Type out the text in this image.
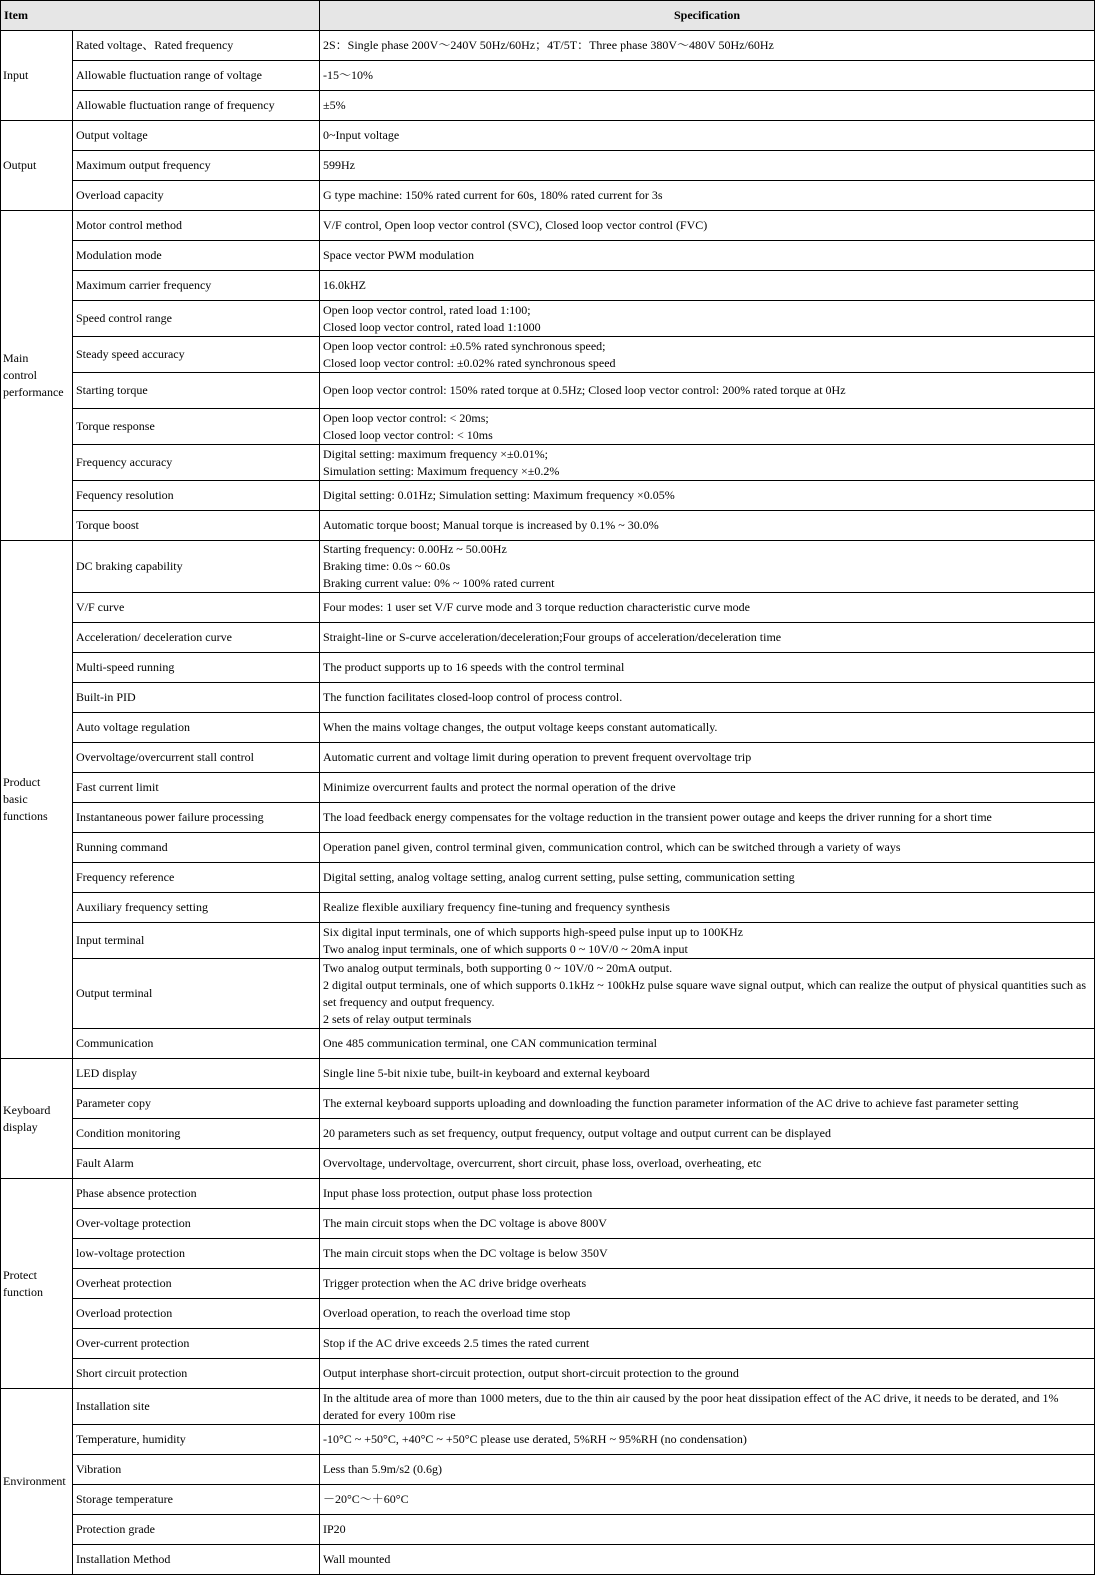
Item		Specification

Input	Rated voltage、Rated frequency	2S：Single phase 200V～240V 50Hz/60Hz；4T/5T：Three phase 380V～480V 50Hz/60Hz

	Allowable fluctuation range of voltage	-15～10%

	Allowable fluctuation range of frequency	±5%

Output	Output voltage	0~Input voltage

	Maximum output frequency	599Hz

	Overload capacity	G type machine: 150% rated current for 60s, 180% rated current for 3s

Main
control
performance	Motor control method	V/F control, Open loop vector control (SVC), Closed loop vector control (FVC)

	Modulation mode	Space vector PWM modulation

	Maximum carrier frequency	16.0kHZ

	Speed control range	Open loop vector control, rated load 1:100;
Closed loop vector control, rated load 1:1000

	Steady speed accuracy	Open loop vector control: ±0.5% rated synchronous speed;
Closed loop vector control: ±0.02% rated synchronous speed

	Starting torque	Open loop vector control: 150% rated torque at 0.5Hz; Closed loop vector control: 200% rated torque at 0Hz

	Torque response	Open loop vector control: < 20ms;
Closed loop vector control: < 10ms

	Frequency accuracy	Digital setting: maximum frequency ×±0.01%;
Simulation setting: Maximum frequency ×±0.2%

	Fequency resolution	Digital setting: 0.01Hz; Simulation setting: Maximum frequency ×0.05%

	Torque boost	Automatic torque boost; Manual torque is increased by 0.1% ~ 30.0%

Product
basic
functions	DC braking capability	Starting frequency: 0.00Hz ~ 50.00Hz
Braking time: 0.0s ~ 60.0s
Braking current value: 0% ~ 100% rated current

	V/F curve	Four modes: 1 user set V/F curve mode and 3 torque reduction characteristic curve mode

	Acceleration/ deceleration curve	Straight-line or S-curve acceleration/deceleration;Four groups of acceleration/deceleration time

	Multi-speed running	The product supports up to 16 speeds with the control terminal

	Built-in PID	The function facilitates closed-loop control of process control.

	Auto voltage regulation	When the mains voltage changes, the output voltage keeps constant automatically.

	Overvoltage/overcurrent stall control	Automatic current and voltage limit during operation to prevent frequent overvoltage trip

	Fast current limit	Minimize overcurrent faults and protect the normal operation of the drive

	Instantaneous power failure processing	The load feedback energy compensates for the voltage reduction in the transient power outage and keeps the driver running for a short time

	Running command	Operation panel given, control terminal given, communication control, which can be switched through a variety of ways

	Frequency reference	Digital setting, analog voltage setting, analog current setting, pulse setting, communication setting

	Auxiliary frequency setting	Realize flexible auxiliary frequency fine-tuning and frequency synthesis

	Input terminal	Six digital input terminals, one of which supports high-speed pulse input up to 100KHz
Two analog input terminals, one of which supports 0 ~ 10V/0 ~ 20mA input

	Output terminal	Two analog output terminals, both supporting 0 ~ 10V/0 ~ 20mA output.
2 digital output terminals, one of which supports 0.1kHz ~ 100kHz pulse square wave signal output, which can realize the output of physical quantities such as set frequency and output frequency.
2 sets of relay output terminals

	Communication	One 485 communication terminal, one CAN communication terminal

Keyboard
display	LED display	Single line 5-bit nixie tube, built-in keyboard and external keyboard

	Parameter copy	The external keyboard supports uploading and downloading the function parameter information of the AC drive to achieve fast parameter setting

	Condition monitoring	20 parameters such as set frequency, output frequency, output voltage and output current can be displayed

	Fault Alarm	Overvoltage, undervoltage, overcurrent, short circuit, phase loss, overload, overheating, etc

Protect
function	Phase absence protection	Input phase loss protection, output phase loss protection

	Over-voltage protection	The main circuit stops when the DC voltage is above 800V

	low-voltage protection	The main circuit stops when the DC voltage is below 350V

	Overheat protection	Trigger protection when the AC drive bridge overheats

	Overload protection	Overload operation, to reach the overload time stop

	Over-current protection	Stop if the AC drive exceeds 2.5 times the rated current

	Short circuit protection	Output interphase short-circuit protection, output short-circuit protection to the ground

Environment	Installation site	In the altitude area of more than 1000 meters, due to the thin air caused by the poor heat dissipation effect of the AC drive, it needs to be derated, and 1% derated for every 100m rise

	Temperature, humidity	-10°C ~ +50°C, +40°C ~ +50°C please use derated, 5%RH ~ 95%RH (no condensation)

	Vibration	Less than 5.9m/s2 (0.6g)

	Storage temperature	－20°C～＋60°C

	Protection grade	IP20

	Installation Method	Wall mounted
